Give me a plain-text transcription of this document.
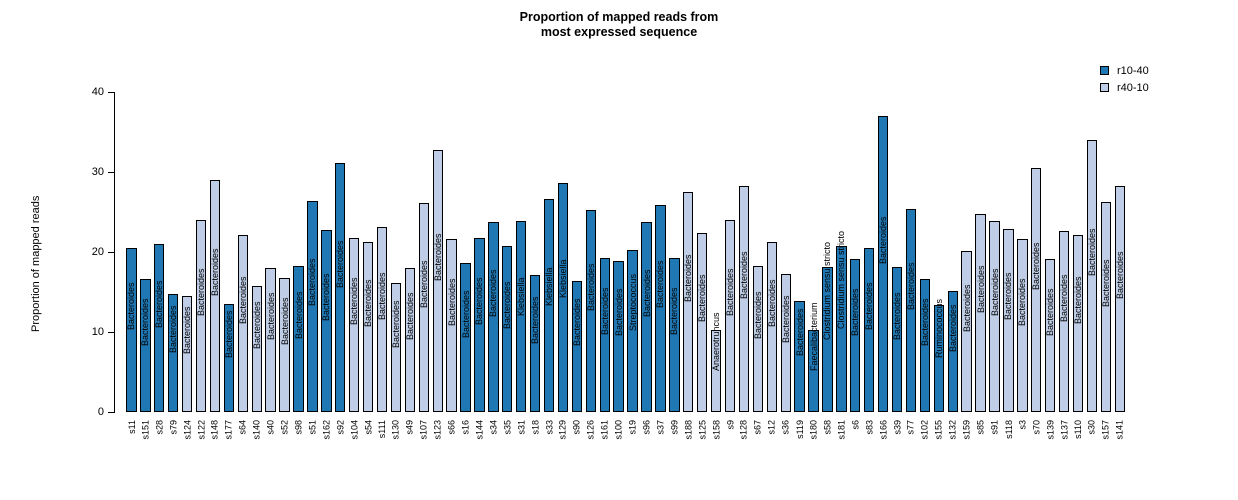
Proportion of mapped reads from
most expressed sequence
Proportion of mapped reads
0
10
20
30
40
Bacteroides Bacteroides Bacteroides
Bacteroides Bacteroides
Bacteroides Bacteroides
Bacteroides
Bacteroides
Bacteroides Bacteroides Bacteroides Bacteroides
Bacteroides Bacteroides
Bacteroides
Bacteroides Bacteroides Bacteroides
Bacteroides Bacteroides
Bacteroides
Bacteroides
Bacteroides Bacteroides Bacteroides Bacteroides Bacteroides Klebsiella Bacteroides
Klebsiella Klebsiella
Bacteroides
Bacteroides
Bacteroides Bacteroides Streptococcus Bacteroides Bacteroides
Bacteroides
Bacteroides Bacteroides
Anaerotruncus
Bacteroides Bacteroides
Bacteroides Bacteroides Bacteroides Bacteroides Faecalibacterium Clostridium sensu stricto Clostridium sensu stricto Bacteroides Bacteroides
Bacteroides
Bacteroides
Bacteroides
Bacteroides Ruminococcus Bacteroides Bacteroides Bacteroides Bacteroides Bacteroides Bacteroides
Bacteroides
Bacteroides Bacteroides Bacteroides
Bacteroides
Bacteroides Bacteroides
s11 s151 s28 s79 s124 s122 s148 s177 s64 s140 s40 s52 s98 s51 s162 s92 s104 s54 s111 s130 s49 s107 s123 s66 s16 s144 s34 s35 s31 s18 s33 s129 s90 s126 s161 s100 s19 s96 s37 s99 s188 s125 s158 s9 s128 s67 s12 s36 s119 s180 s58 s181 s6 s83 s166 s39 s77 s102 s155 s132 s159 s85 s91 s118 s3 s70 s139 s137 s110 s30 s157 s141
r10-40
r40-10
